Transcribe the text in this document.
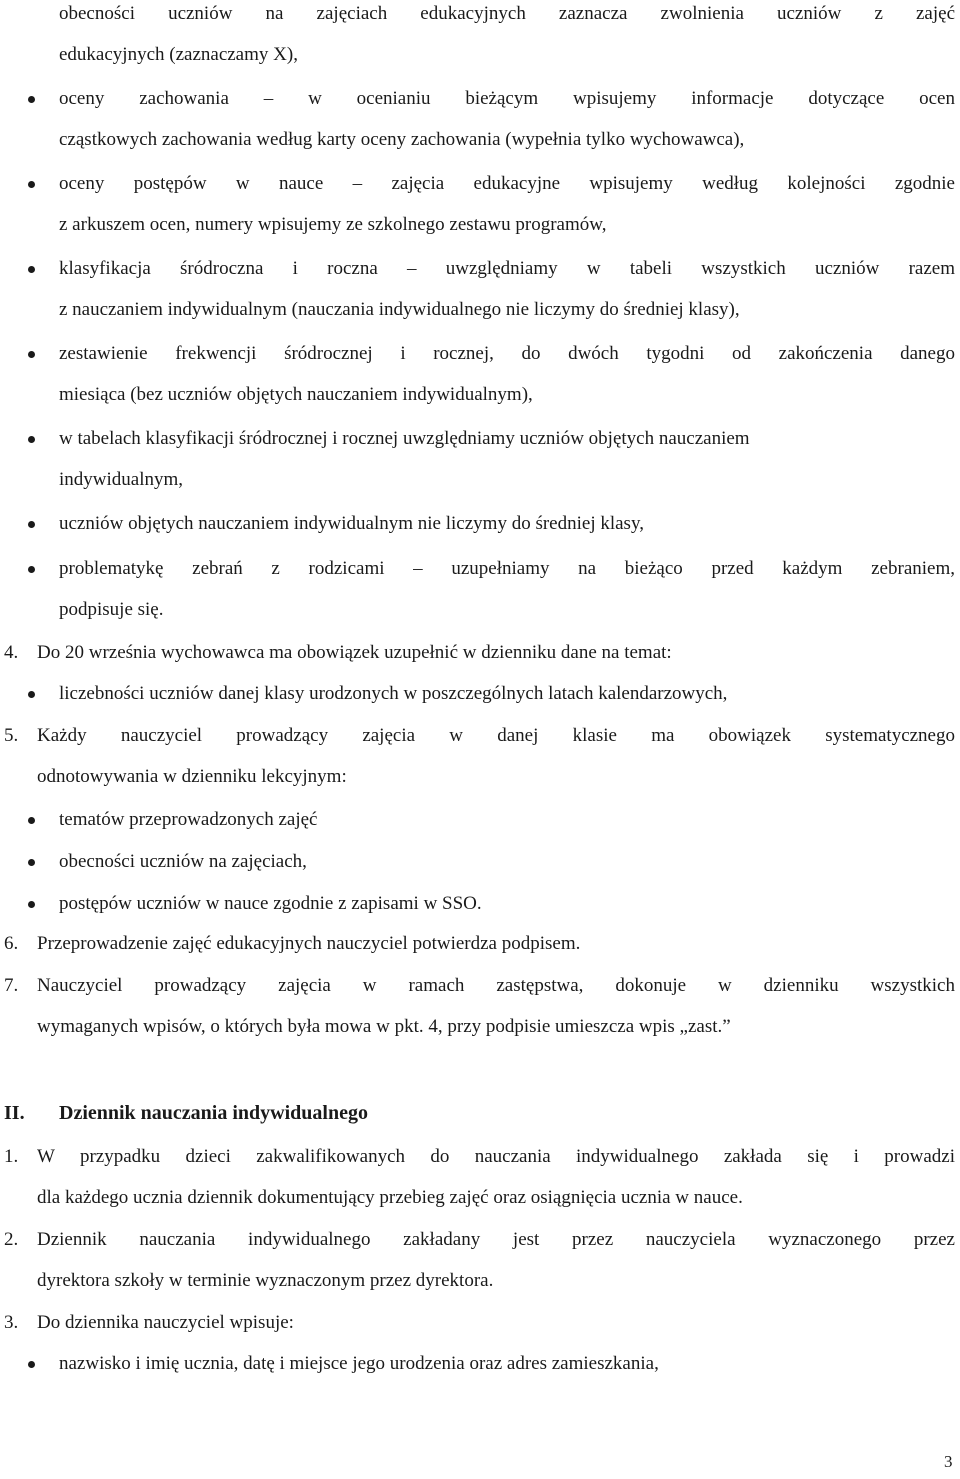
obecności uczniów na zajęciach edukacyjnych zaznacza zwolnienia uczniów z zajęć
edukacyjnych (zaznaczamy X),
oceny zachowania – w ocenianiu bieżącym wpisujemy informacje dotyczące ocen
cząstkowych zachowania według karty oceny zachowania (wypełnia tylko wychowawca),
oceny postępów w nauce – zajęcia edukacyjne wpisujemy według kolejności zgodnie
z arkuszem ocen, numery wpisujemy ze szkolnego zestawu programów,
klasyfikacja śródroczna i roczna – uwzględniamy w tabeli wszystkich uczniów razem
z nauczaniem indywidualnym (nauczania indywidualnego nie liczymy do średniej klasy),
zestawienie frekwencji śródrocznej i rocznej, do dwóch tygodni od zakończenia danego
miesiąca (bez uczniów objętych nauczaniem indywidualnym),
w tabelach klasyfikacji śródrocznej i rocznej uwzględniamy uczniów objętych nauczaniem
indywidualnym,
uczniów objętych nauczaniem indywidualnym nie liczymy do średniej klasy,
problematykę zebrań z rodzicami – uzupełniamy na bieżąco przed każdym zebraniem,
podpisuje się.
4. Do 20 września wychowawca ma obowiązek uzupełnić w dzienniku dane na temat:
liczebności uczniów danej klasy urodzonych w poszczególnych latach kalendarzowych,
5. Każdy nauczyciel prowadzący zajęcia w danej klasie ma obowiązek systematycznego
odnotowywania w dzienniku lekcyjnym:
tematów przeprowadzonych zajęć
obecności uczniów na zajęciach,
postępów uczniów w nauce zgodnie z zapisami w SSO.
6. Przeprowadzenie zajęć edukacyjnych nauczyciel potwierdza podpisem.
7. Nauczyciel prowadzący zajęcia w ramach zastępstwa, dokonuje w dzienniku wszystkich
wymaganych wpisów, o których była mowa w pkt. 4, przy podpisie umieszcza wpis „zast.”
II. Dziennik nauczania indywidualnego
1. W przypadku dzieci zakwalifikowanych do nauczania indywidualnego zakłada się i prowadzi
dla każdego ucznia dziennik dokumentujący przebieg zajęć oraz osiągnięcia ucznia w nauce.
2. Dziennik nauczania indywidualnego zakładany jest przez nauczyciela wyznaczonego przez
dyrektora szkoły w terminie wyznaczonym przez dyrektora.
3. Do dziennika nauczyciel wpisuje:
nazwisko i imię ucznia, datę i miejsce jego urodzenia oraz adres zamieszkania,
3
